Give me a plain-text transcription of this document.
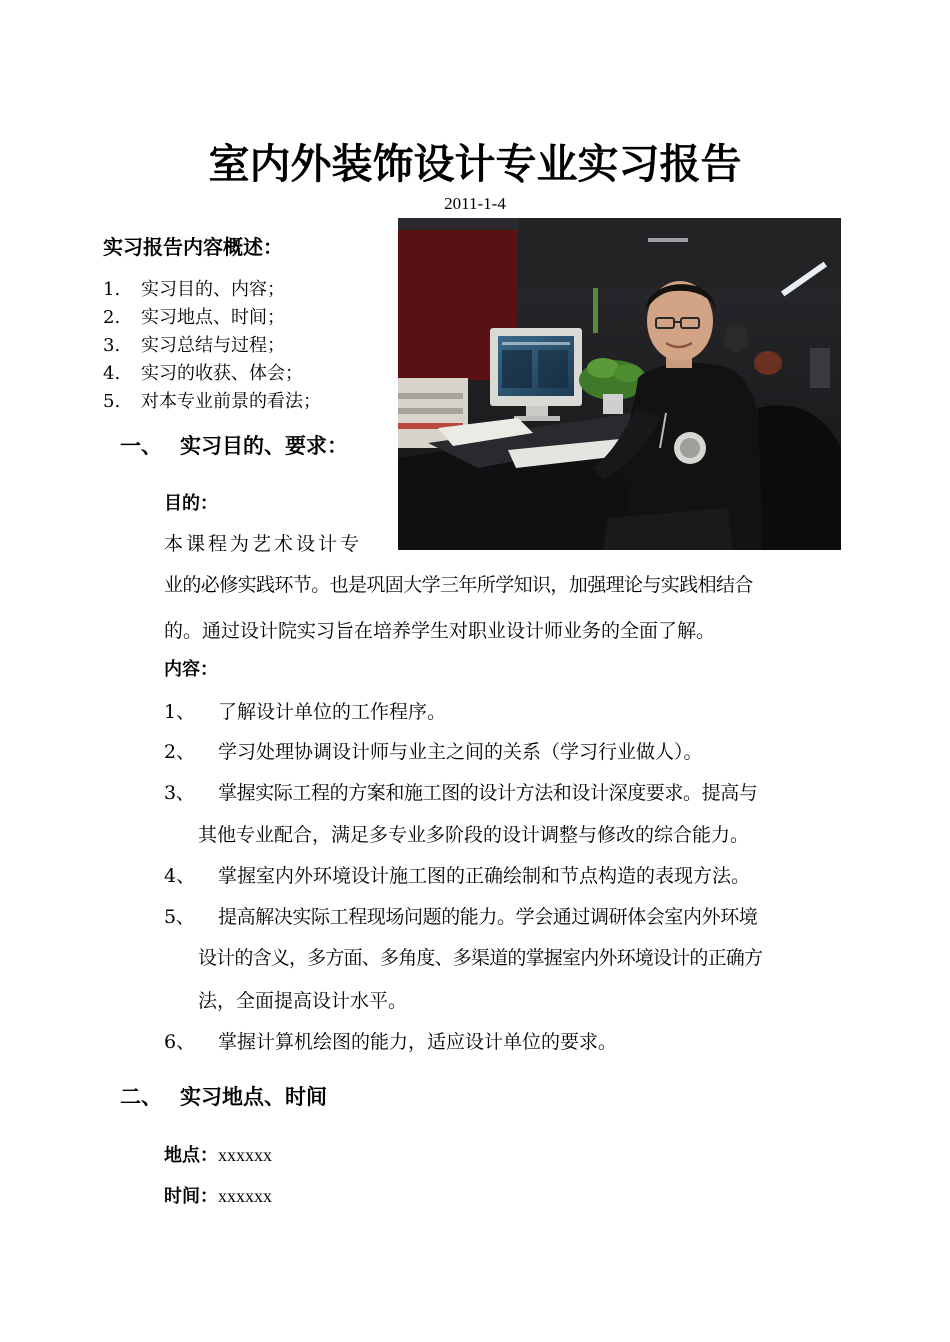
室内外装饰设计专业实习报告
2011-1-4
实习报告内容概述：
1. 实习目的、内容；
2. 实习地点、时间；
3. 实习总结与过程；
4. 实习的收获、体会；
5. 对本专业前景的看法；
一、 实习目的、要求：
目的：
本课程为艺术设计专
业的必修实践环节。也是巩固大学三年所学知识，加强理论与实践相结合
的。通过设计院实习旨在培养学生对职业设计师业务的全面了解。
内容：
1、 了解设计单位的工作程序。
2、 学习处理协调设计师与业主之间的关系（学习行业做人）。
3、 掌握实际工程的方案和施工图的设计方法和设计深度要求。提高与
其他专业配合，满足多专业多阶段的设计调整与修改的综合能力。
4、 掌握室内外环境设计施工图的正确绘制和节点构造的表现方法。
5、 提高解决实际工程现场问题的能力。学会通过调研体会室内外环境
设计的含义，多方面、多角度、多渠道的掌握室内外环境设计的正确方
法，全面提高设计水平。
6、 掌握计算机绘图的能力，适应设计单位的要求。
二、 实习地点、时间
地点：xxxxxx
时间：xxxxxx
